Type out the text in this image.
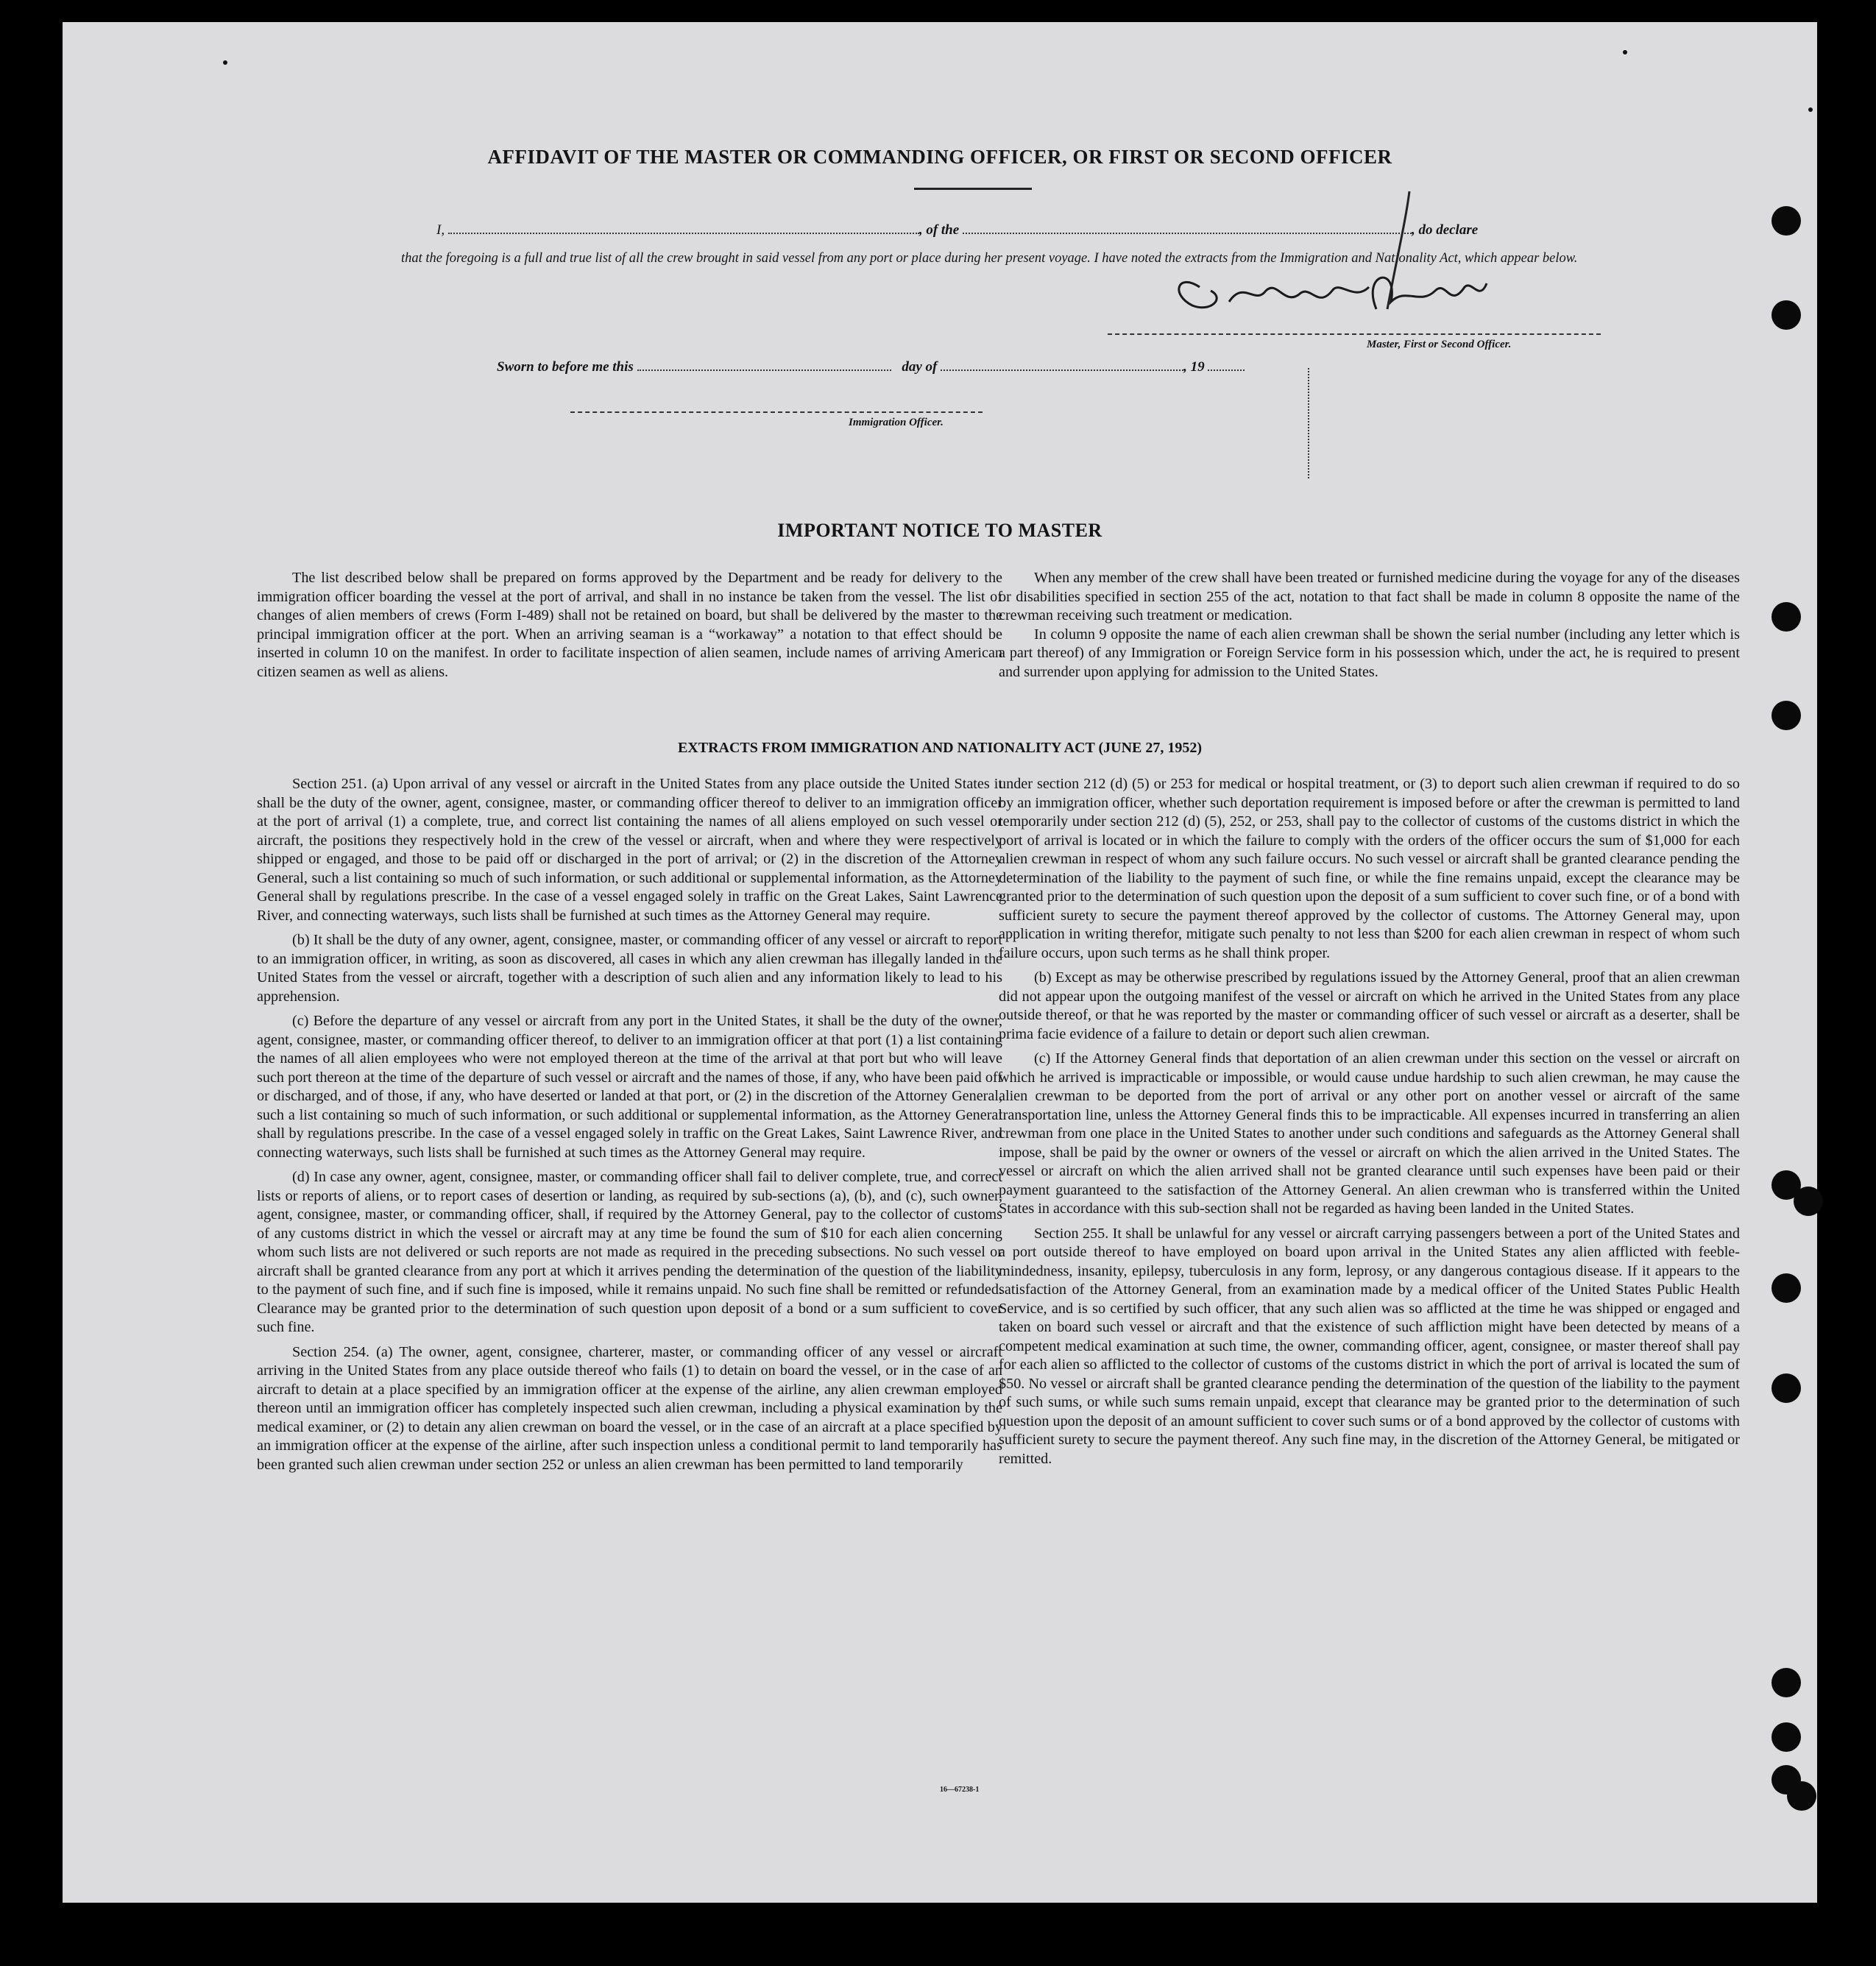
AFFIDAVIT OF THE MASTER OR COMMANDING OFFICER, OR FIRST OR SECOND OFFICER
I,	, of the	, do declare
that the foregoing is a full and true list of all the crew brought in said vessel from any port or place during her present voyage. I have noted the extracts from the Immigration and Nationality Act, which appear below.
Master, First or Second Officer.
Sworn to before me this	day of	, 19
Immigration Officer.
IMPORTANT NOTICE TO MASTER

The list described below shall be prepared on forms approved by the Department and be ready for delivery to the immigration officer boarding the vessel at the port of arrival, and shall in no instance be taken from the vessel. The list of changes of alien members of crews (Form I-489) shall not be retained on board, but shall be delivered by the master to the principal immigration officer at the port. When an arriving seaman is a “workaway” a notation to that effect should be inserted in column 10 on the manifest. In order to facilitate inspection of alien seamen, include names of arriving American citizen seamen as well as aliens.

When any member of the crew shall have been treated or furnished medicine during the voyage for any of the diseases or disabilities specified in section 255 of the act, notation to that fact shall be made in column 8 opposite the name of the crewman receiving such treatment or medication.

In column 9 opposite the name of each alien crewman shall be shown the serial number (including any letter which is a part thereof) of any Immigration or Foreign Service form in his possession which, under the act, he is required to present and surrender upon applying for admission to the United States.

EXTRACTS FROM IMMIGRATION AND NATIONALITY ACT (JUNE 27, 1952)

Section 251. (a) Upon arrival of any vessel or aircraft in the United States from any place outside the United States it shall be the duty of the owner, agent, consignee, master, or commanding officer thereof to deliver to an immigration officer at the port of arrival (1) a complete, true, and correct list containing the names of all aliens employed on such vessel or aircraft, the positions they respectively hold in the crew of the vessel or aircraft, when and where they were respectively shipped or engaged, and those to be paid off or discharged in the port of arrival; or (2) in the discretion of the Attorney General, such a list containing so much of such information, or such additional or supplemental information, as the Attorney General shall by regulations prescribe. In the case of a vessel engaged solely in traffic on the Great Lakes, Saint Lawrence River, and connecting waterways, such lists shall be furnished at such times as the Attorney General may require.

(b) It shall be the duty of any owner, agent, consignee, master, or commanding officer of any vessel or aircraft to report to an immigration officer, in writing, as soon as discovered, all cases in which any alien crewman has illegally landed in the United States from the vessel or aircraft, together with a description of such alien and any information likely to lead to his apprehension.

(c) Before the departure of any vessel or aircraft from any port in the United States, it shall be the duty of the owner, agent, consignee, master, or commanding officer thereof, to deliver to an immigration officer at that port (1) a list containing the names of all alien employees who were not employed thereon at the time of the arrival at that port but who will leave such port thereon at the time of the departure of such vessel or aircraft and the names of those, if any, who have been paid off or discharged, and of those, if any, who have deserted or landed at that port, or (2) in the discretion of the Attorney General, such a list containing so much of such information, or such additional or supplemental information, as the Attorney General shall by regulations prescribe. In the case of a vessel engaged solely in traffic on the Great Lakes, Saint Lawrence River, and connecting waterways, such lists shall be furnished at such times as the Attorney General may require.

(d) In case any owner, agent, consignee, master, or commanding officer shall fail to deliver complete, true, and correct lists or reports of aliens, or to report cases of desertion or landing, as required by sub-sections (a), (b), and (c), such owner, agent, consignee, master, or commanding officer, shall, if required by the Attorney General, pay to the collector of customs of any customs district in which the vessel or aircraft may at any time be found the sum of $10 for each alien concerning whom such lists are not delivered or such reports are not made as required in the preceding subsections. No such vessel or aircraft shall be granted clearance from any port at which it arrives pending the determination of the question of the liability to the payment of such fine, and if such fine is imposed, while it remains unpaid. No such fine shall be remitted or refunded. Clearance may be granted prior to the determination of such question upon deposit of a bond or a sum sufficient to cover such fine.

Section 254. (a) The owner, agent, consignee, charterer, master, or commanding officer of any vessel or aircraft arriving in the United States from any place outside thereof who fails (1) to detain on board the vessel, or in the case of an aircraft to detain at a place specified by an immigration officer at the expense of the airline, any alien crewman employed thereon until an immigration officer has completely inspected such alien crewman, including a physical examination by the medical examiner, or (2) to detain any alien crewman on board the vessel, or in the case of an aircraft at a place specified by an immigration officer at the expense of the airline, after such inspection unless a conditional permit to land temporarily has been granted such alien crewman under section 252 or unless an alien crewman has been permitted to land temporarily

under section 212 (d) (5) or 253 for medical or hospital treatment, or (3) to deport such alien crewman if required to do so by an immigration officer, whether such deportation requirement is imposed before or after the crewman is permitted to land temporarily under section 212 (d) (5), 252, or 253, shall pay to the collector of customs of the customs district in which the port of arrival is located or in which the failure to comply with the orders of the officer occurs the sum of $1,000 for each alien crewman in respect of whom any such failure occurs. No such vessel or aircraft shall be granted clearance pending the determination of the liability to the payment of such fine, or while the fine remains unpaid, except the clearance may be granted prior to the determination of such question upon the deposit of a sum sufficient to cover such fine, or of a bond with sufficient surety to secure the payment thereof approved by the collector of customs. The Attorney General may, upon application in writing therefor, mitigate such penalty to not less than $200 for each alien crewman in respect of whom such failure occurs, upon such terms as he shall think proper.

(b) Except as may be otherwise prescribed by regulations issued by the Attorney General, proof that an alien crewman did not appear upon the outgoing manifest of the vessel or aircraft on which he arrived in the United States from any place outside thereof, or that he was reported by the master or commanding officer of such vessel or aircraft as a deserter, shall be prima facie evidence of a failure to detain or deport such alien crewman.

(c) If the Attorney General finds that deportation of an alien crewman under this section on the vessel or aircraft on which he arrived is impracticable or impossible, or would cause undue hardship to such alien crewman, he may cause the alien crewman to be deported from the port of arrival or any other port on another vessel or aircraft of the same transportation line, unless the Attorney General finds this to be impracticable. All expenses incurred in transferring an alien crewman from one place in the United States to another under such conditions and safeguards as the Attorney General shall impose, shall be paid by the owner or owners of the vessel or aircraft on which the alien arrived in the United States. The vessel or aircraft on which the alien arrived shall not be granted clearance until such expenses have been paid or their payment guaranteed to the satisfaction of the Attorney General. An alien crewman who is transferred within the United States in accordance with this sub-section shall not be regarded as having been landed in the United States.

Section 255. It shall be unlawful for any vessel or aircraft carrying passengers between a port of the United States and a port outside thereof to have employed on board upon arrival in the United States any alien afflicted with feeble-mindedness, insanity, epilepsy, tuberculosis in any form, leprosy, or any dangerous contagious disease. If it appears to the satisfaction of the Attorney General, from an examination made by a medical officer of the United States Public Health Service, and is so certified by such officer, that any such alien was so afflicted at the time he was shipped or engaged and taken on board such vessel or aircraft and that the existence of such affliction might have been detected by means of a competent medical examination at such time, the owner, commanding officer, agent, consignee, or master thereof shall pay for each alien so afflicted to the collector of customs of the customs district in which the port of arrival is located the sum of $50. No vessel or aircraft shall be granted clearance pending the determination of the question of the liability to the payment of such sums, or while such sums remain unpaid, except that clearance may be granted prior to the determination of such question upon the deposit of an amount sufficient to cover such sums or of a bond approved by the collector of customs with sufficient surety to secure the payment thereof. Any such fine may, in the discretion of the Attorney General, be mitigated or remitted.

16—67238-1
